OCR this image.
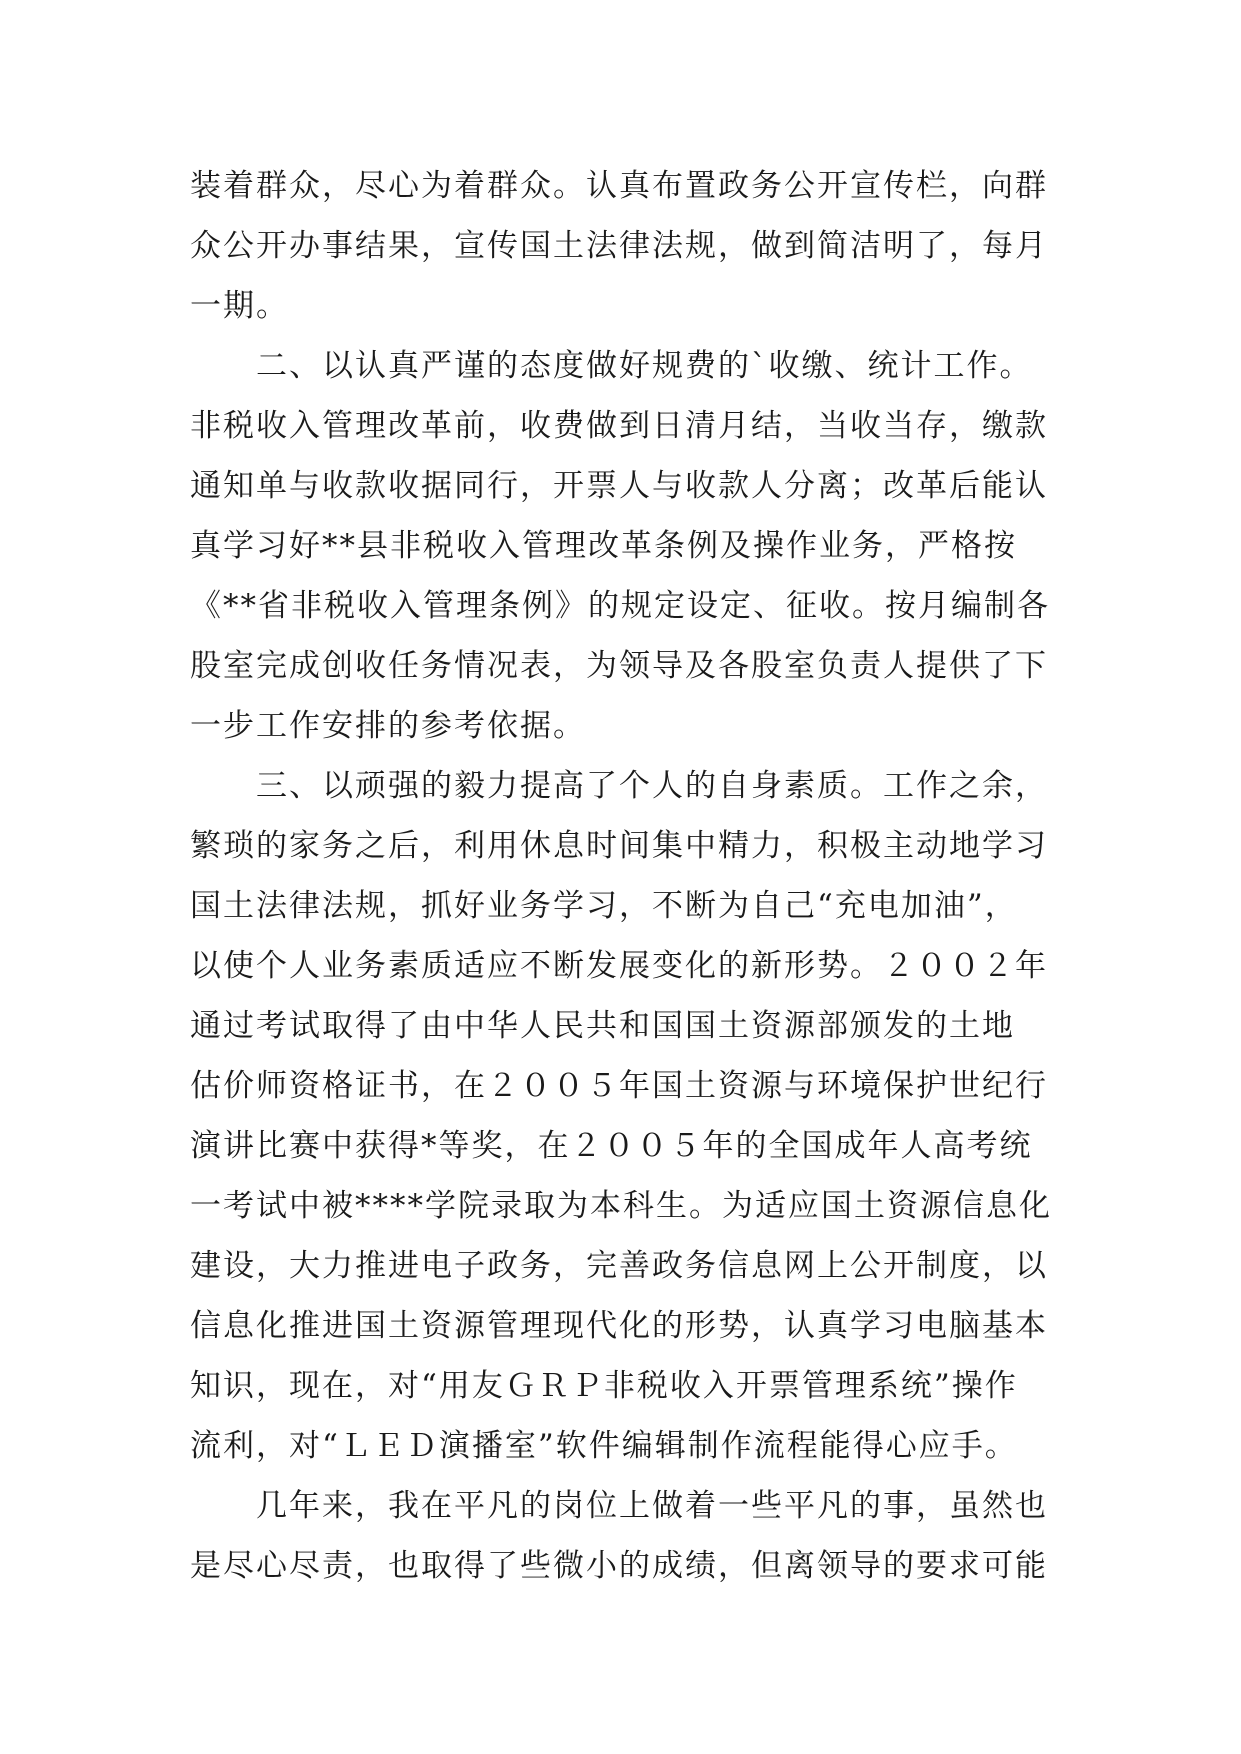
装着群众，尽心为着群众。认真布置政务公开宣传栏，向群
众公开办事结果，宣传国土法律法规，做到简洁明了，每月
一期。
二、以认真严谨的态度做好规费的`收缴、统计工作。
非税收入管理改革前，收费做到日清月结，当收当存，缴款
通知单与收款收据同行，开票人与收款人分离；改革后能认
真学习好**县非税收入管理改革条例及操作业务，严格按
《**省非税收入管理条例》的规定设定、征收。按月编制各
股室完成创收任务情况表，为领导及各股室负责人提供了下
一步工作安排的参考依据。
三、以顽强的毅力提高了个人的自身素质。工作之余，
繁琐的家务之后，利用休息时间集中精力，积极主动地学习
国土法律法规，抓好业务学习，不断为自己“充电加油”，
以使个人业务素质适应不断发展变化的新形势。２００２年
通过考试取得了由中华人民共和国国土资源部颁发的土地
估价师资格证书，在２００５年国土资源与环境保护世纪行
演讲比赛中获得*等奖，在２００５年的全国成年人高考统
一考试中被****学院录取为本科生。为适应国土资源信息化
建设，大力推进电子政务，完善政务信息网上公开制度，以
信息化推进国土资源管理现代化的形势，认真学习电脑基本
知识，现在，对“用友ＧＲＰ非税收入开票管理系统”操作
流利，对“ＬＥＤ演播室”软件编辑制作流程能得心应手。
几年来，我在平凡的岗位上做着一些平凡的事，虽然也
是尽心尽责，也取得了些微小的成绩，但离领导的要求可能
